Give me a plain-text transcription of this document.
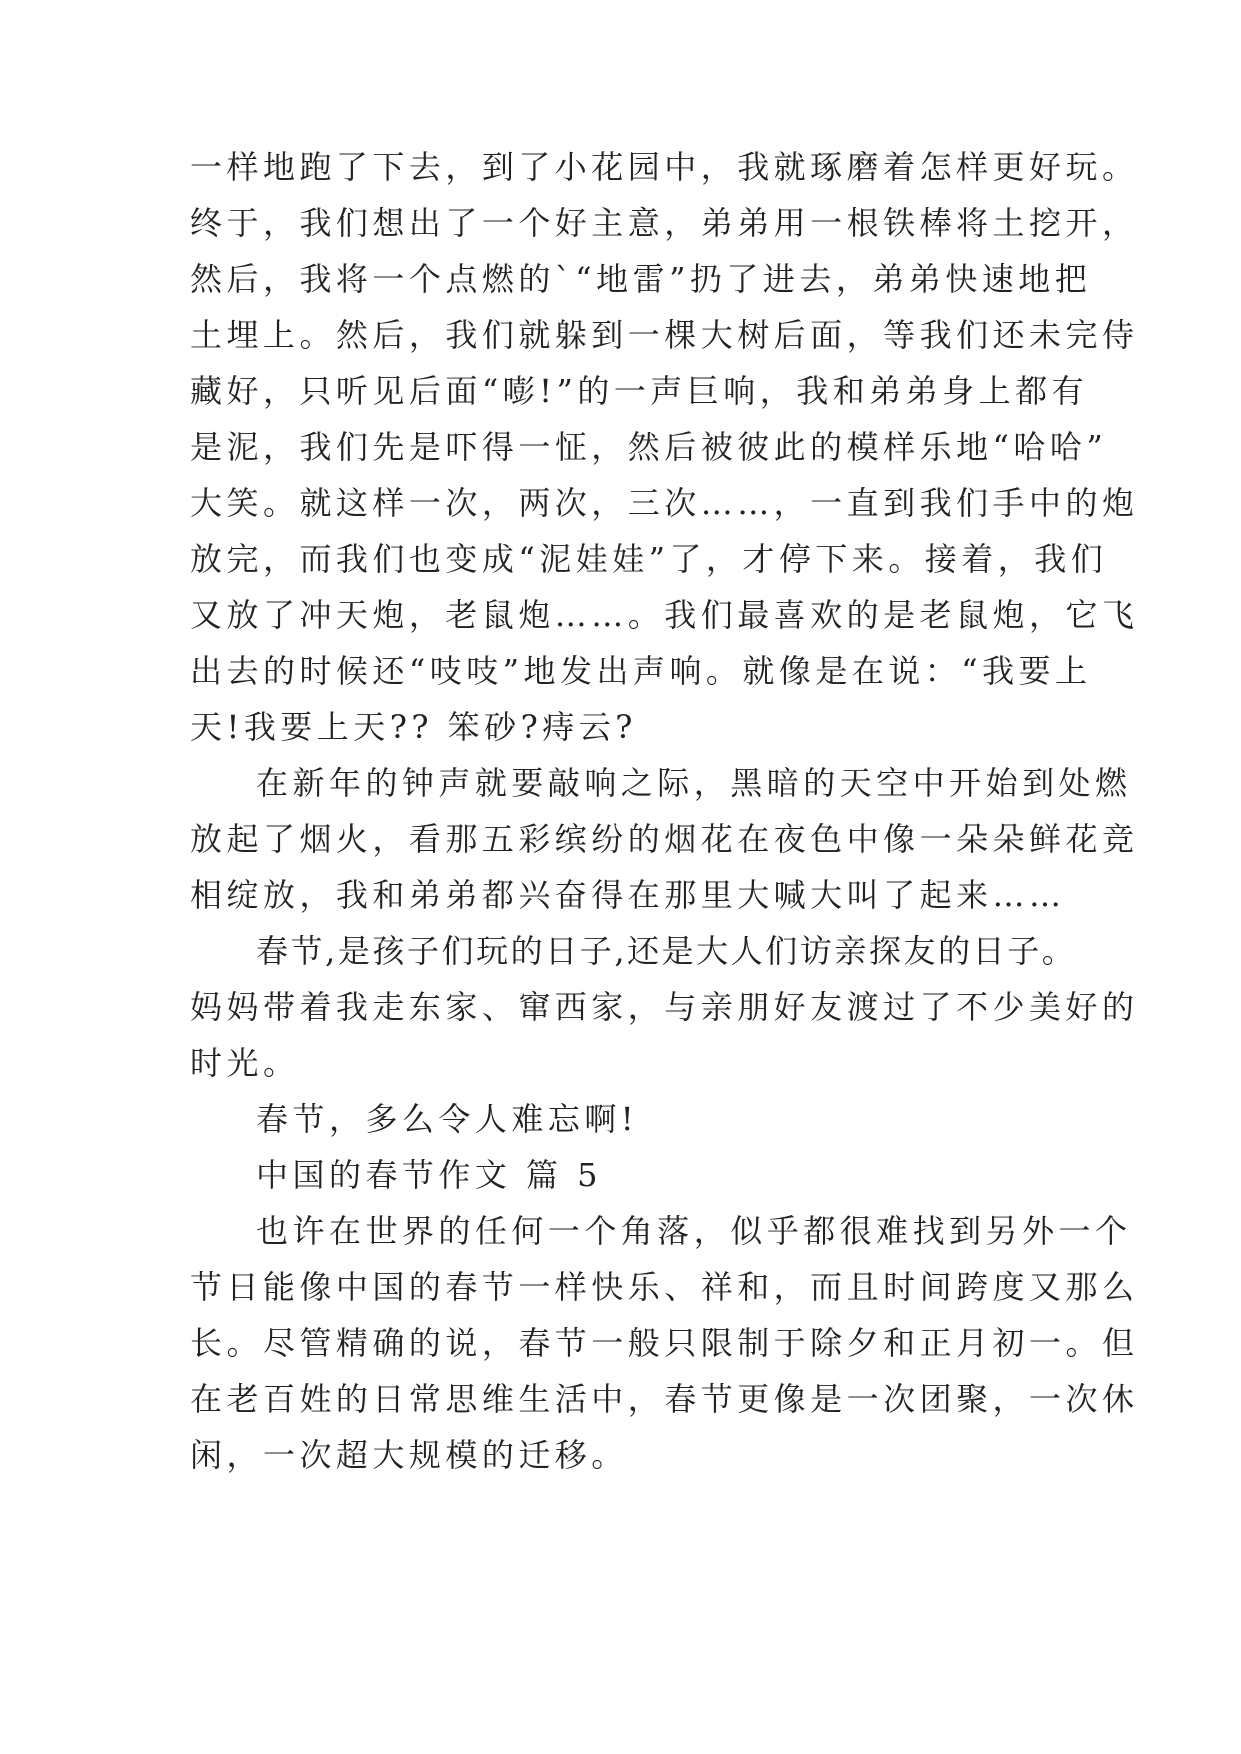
一样地跑了下去，到了小花园中，我就琢磨着怎样更好玩。
终于，我们想出了一个好主意，弟弟用一根铁棒将土挖开，
然后，我将一个点燃的`“地雷”扔了进去，弟弟快速地把
土埋上。然后，我们就躲到一棵大树后面，等我们还未完侍
藏好，只听见后面“嘭!”的一声巨响，我和弟弟身上都有
是泥，我们先是吓得一怔，然后被彼此的模样乐地“哈哈”
大笑。就这样一次，两次，三次……，一直到我们手中的炮
放完，而我们也变成“泥娃娃”了，才停下来。接着，我们
又放了冲天炮，老鼠炮……。我们最喜欢的是老鼠炮，它飞
出去的时候还“吱吱”地发出声响。就像是在说：“我要上
天!我要上天?? 笨砂?痔云?
在新年的钟声就要敲响之际，黑暗的天空中开始到处燃
放起了烟火，看那五彩缤纷的烟花在夜色中像一朵朵鲜花竞
相绽放，我和弟弟都兴奋得在那里大喊大叫了起来……
春节,是孩子们玩的日子,还是大人们访亲探友的日子。
妈妈带着我走东家、窜西家，与亲朋好友渡过了不少美好的
时光。
春节，多么令人难忘啊!
中国的春节作文 篇 5
也许在世界的任何一个角落，似乎都很难找到另外一个
节日能像中国的春节一样快乐、祥和，而且时间跨度又那么
长。尽管精确的说，春节一般只限制于除夕和正月初一。但
在老百姓的日常思维生活中，春节更像是一次团聚，一次休
闲，一次超大规模的迁移。
